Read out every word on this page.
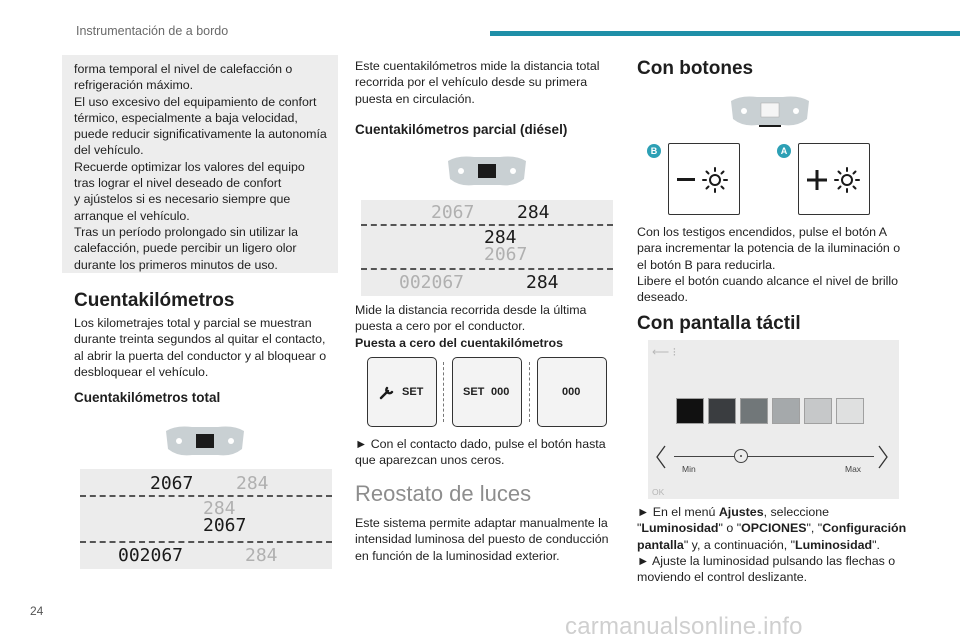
Instrumentación de a bordo

forma temporal el nivel de calefacción o
refrigeración máximo.
El uso excesivo del equipamiento de confort
térmico, especialmente a baja velocidad,
puede reducir significativamente la autonomía
del vehículo.
Recuerde optimizar los valores del equipo
tras lograr el nivel deseado de confort
y ajústelos si es necesario siempre que
arranque el vehículo.
Tras un período prolongado sin utilizar la
calefacción, puede percibir un ligero olor
durante los primeros minutos de uso.

Cuentakilómetros
Los kilometrajes total y parcial se muestran
durante treinta segundos al quitar el contacto,
al abrir la puerta del conductor y al bloquear o
desbloquear el vehículo.
Cuentakilómetros total
2067 284
284
2067
002067	284
Este cuentakilómetros mide la distancia total
recorrida por el vehículo desde su primera
puesta en circulación.
Cuentakilómetros parcial (diésel)
2067 284
284
2067
002067	284
Mide la distancia recorrida desde la última
puesta a cero por el conductor.
Puesta a cero del cuentakilómetros
SET	SET 000	000
► Con el contacto dado, pulse el botón hasta
que aparezcan unos ceros.
Reostato de luces
Este sistema permite adaptar manualmente la
intensidad luminosa del puesto de conducción
en función de la luminosidad exterior.
Con botones
B	A
Con los testigos encendidos, pulse el botón A
para incrementar la potencia de la iluminación o
el botón B para reducirla.
Libere el botón cuando alcance el nivel de brillo
deseado.
Con pantalla táctil
⟵ ⁝
Min	Max
OK
► En el menú Ajustes, seleccione
"Luminosidad" o "OPCIONES", "Configuración
pantalla" y, a continuación, "Luminosidad".
► Ajuste la luminosidad pulsando las flechas o
moviendo el control deslizante.
24
carmanualsonline.info
